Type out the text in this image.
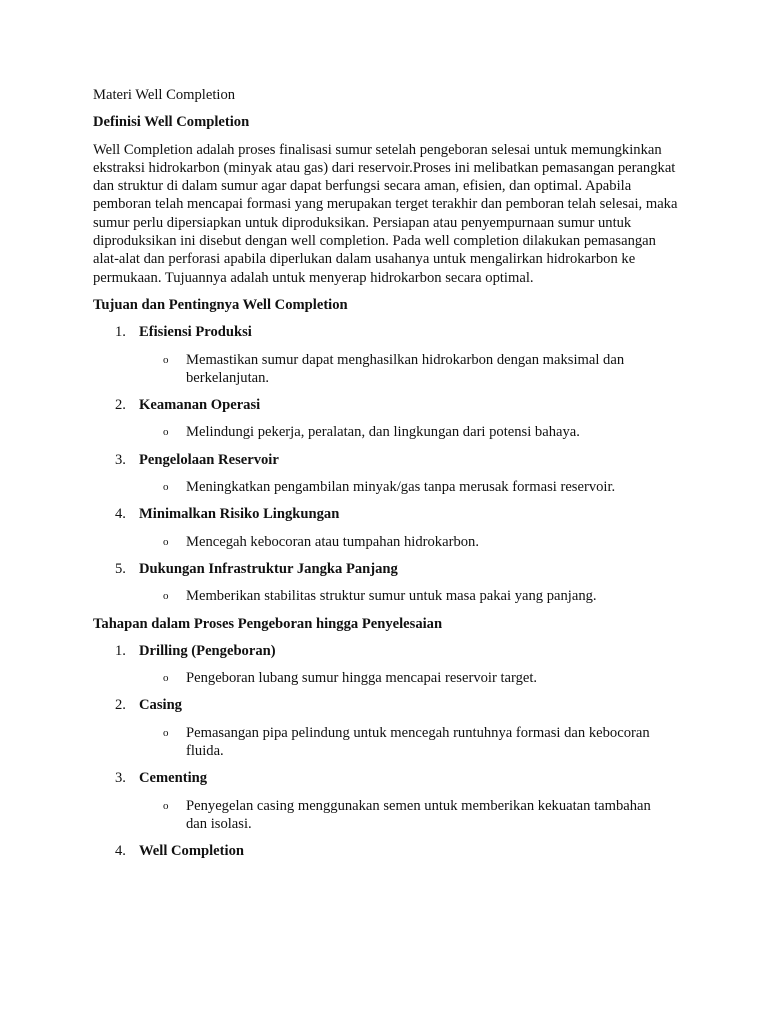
Materi Well Completion

Definisi Well Completion

Well Completion adalah proses finalisasi sumur setelah pengeboran selesai untuk memungkinkan ekstraksi hidrokarbon (minyak atau gas) dari reservoir.Proses ini melibatkan pemasangan perangkat dan struktur di dalam sumur agar dapat berfungsi secara aman, efisien, dan optimal. Apabila pemboran telah mencapai formasi yang merupakan terget terakhir dan pemboran telah selesai, maka sumur perlu dipersiapkan untuk diproduksikan. Persiapan atau penyempurnaan sumur untuk diproduksikan ini disebut dengan well completion. Pada well completion dilakukan pemasangan alat-alat dan perforasi apabila diperlukan dalam usahanya untuk mengalirkan hidrokarbon ke permukaan. Tujuannya adalah untuk menyerap hidrokarbon secara optimal.

Tujuan dan Pentingnya Well Completion

1. Efisiensi Produksi
o Memastikan sumur dapat menghasilkan hidrokarbon dengan maksimal dan berkelanjutan.
2. Keamanan Operasi
o Melindungi pekerja, peralatan, dan lingkungan dari potensi bahaya.
3. Pengelolaan Reservoir
o Meningkatkan pengambilan minyak/gas tanpa merusak formasi reservoir.
4. Minimalkan Risiko Lingkungan
o Mencegah kebocoran atau tumpahan hidrokarbon.
5. Dukungan Infrastruktur Jangka Panjang
o Memberikan stabilitas struktur sumur untuk masa pakai yang panjang.

Tahapan dalam Proses Pengeboran hingga Penyelesaian

1. Drilling (Pengeboran)
o Pengeboran lubang sumur hingga mencapai reservoir target.
2. Casing
o Pemasangan pipa pelindung untuk mencegah runtuhnya formasi dan kebocoran fluida.
3. Cementing
o Penyegelan casing menggunakan semen untuk memberikan kekuatan tambahan dan isolasi.
4. Well Completion
